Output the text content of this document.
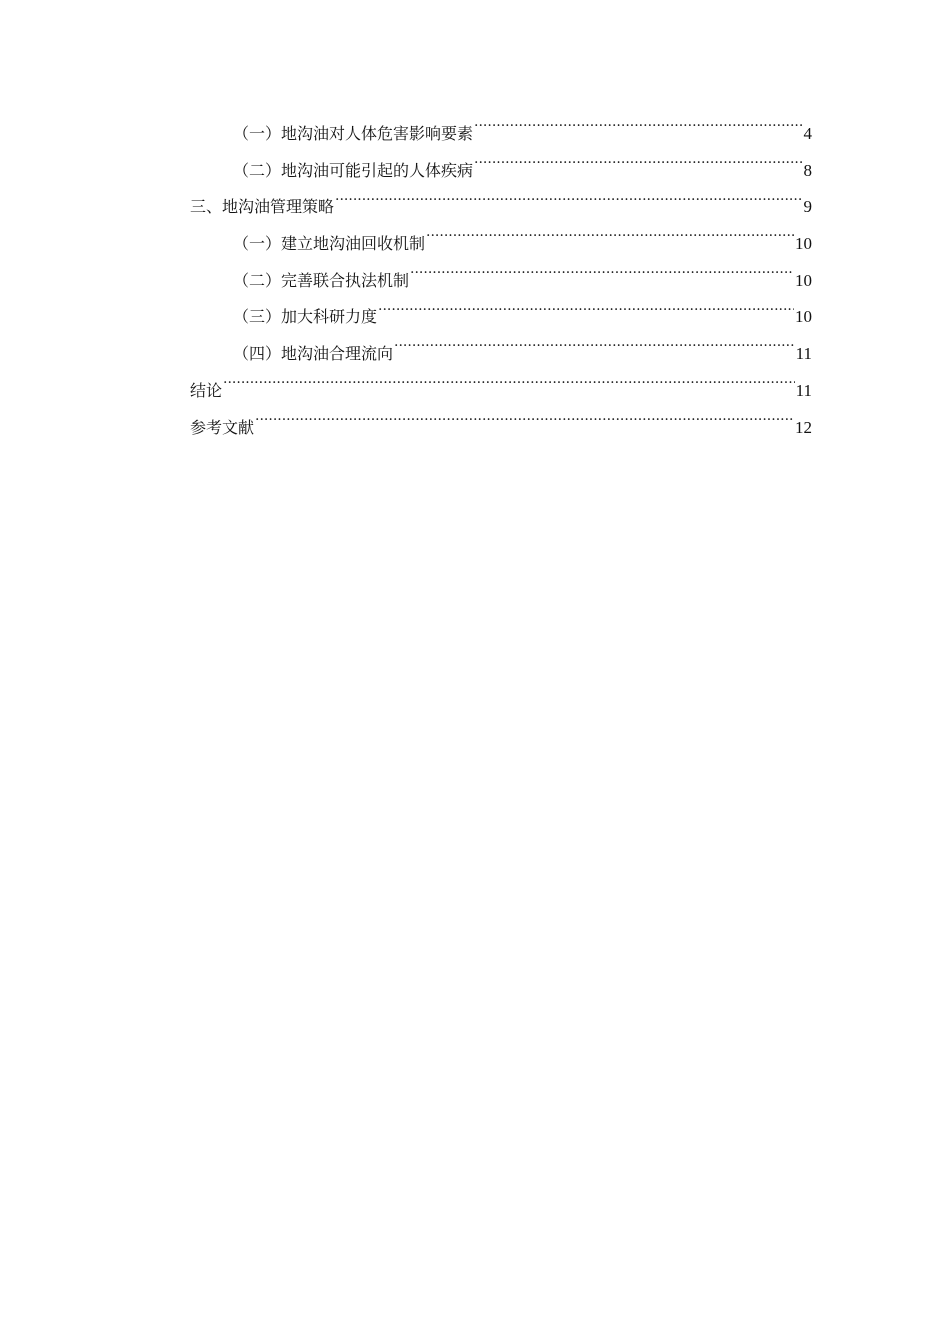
（一）地沟油对人体危害影响要素 .....	4
（二）地沟油可能引起的人体疾病 .....	8
三、地沟油管理策略 .....	9
（一）建立地沟油回收机制 .....	10
（二）完善联合执法机制 .....	10
（三）加大科研力度 .....	10
（四）地沟油合理流向 .....	11
结论 .....	11
参考文献 .....	12
